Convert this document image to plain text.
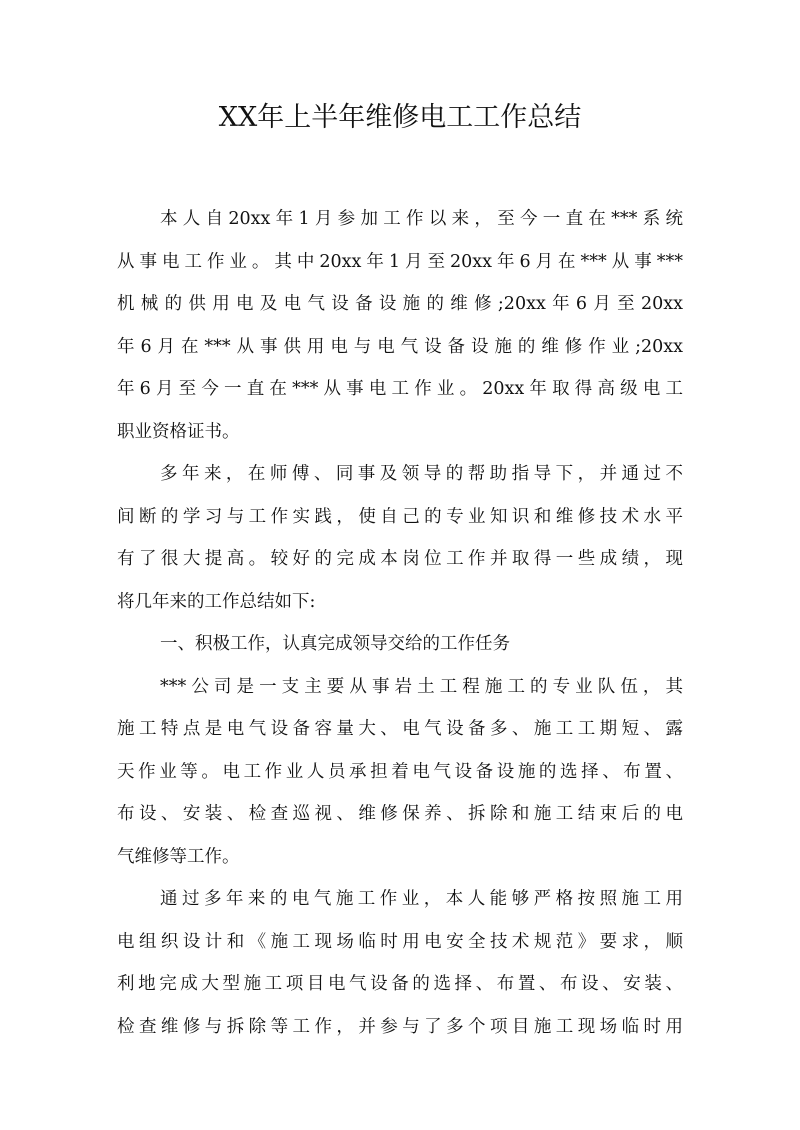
XX年上半年维修电工工作总结
本人自20xx年1月参加工作以来，至今一直在***系统
从事电工作业。其中20xx年1月至20xx年6月在***从事***
机械的供用电及电气设备设施的维修;20xx年6月至20xx
年6月在***从事供用电与电气设备设施的维修作业;20xx
年6月至今一直在***从事电工作业。20xx年取得高级电工
职业资格证书。
多年来，在师傅、同事及领导的帮助指导下，并通过不
间断的学习与工作实践，使自己的专业知识和维修技术水平
有了很大提高。较好的完成本岗位工作并取得一些成绩，现
将几年来的工作总结如下:
一、积极工作，认真完成领导交给的工作任务
***公司是一支主要从事岩土工程施工的专业队伍，其
施工特点是电气设备容量大、电气设备多、施工工期短、露
天作业等。电工作业人员承担着电气设备设施的选择、布置、
布设、安装、检查巡视、维修保养、拆除和施工结束后的电
气维修等工作。
通过多年来的电气施工作业，本人能够严格按照施工用
电组织设计和《施工现场临时用电安全技术规范》要求，顺
利地完成大型施工项目电气设备的选择、布置、布设、安装、
检查维修与拆除等工作，并参与了多个项目施工现场临时用
